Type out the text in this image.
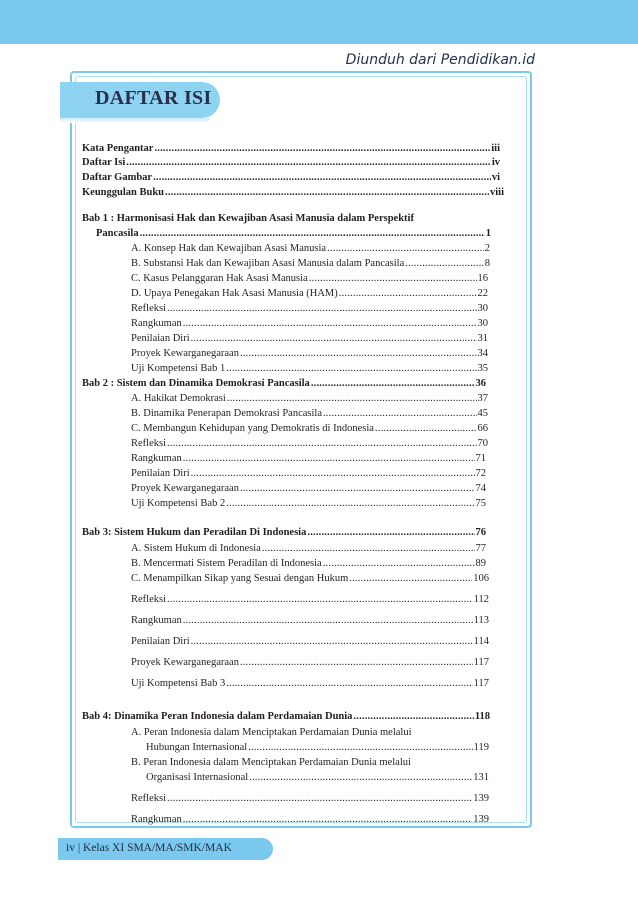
Diunduh dari Pendidikan.id
DAFTAR ISI
Kata Pengantar .....	iii
Daftar Isi .....	iv
Daftar Gambar .....	vi
Keunggulan Buku .....	viii
Bab 1 : Harmonisasi Hak dan Kewajiban Asasi Manusia dalam Perspektif
Pancasila .....	1
A. Konsep Hak dan Kewajiban Asasi Manusia .....	2
B. Substansi Hak dan Kewajiban Asasi Manusia dalam Pancasila .....	8
C. Kasus Pelanggaran Hak Asasi Manusia .....	16
D. Upaya Penegakan Hak Asasi Manusia (HAM) .....	22
Refleksi .....	30
Rangkuman .....	30
Penilaian Diri .....	31
Proyek Kewarganegaraan .....	34
Uji Kompetensi Bab 1 .....	35
Bab 2 : Sistem dan Dinamika Demokrasi Pancasila .....	36
A. Hakikat Demokrasi .....	37
B. Dinamika Penerapan Demokrasi Pancasila .....	45
C. Membangun Kehidupan yang Demokratis di Indonesia .....	66
Refleksi .....	70
Rangkuman .....	71
Penilaian Diri .....	72
Proyek Kewarganegaraan .....	74
Uji Kompetensi Bab 2 .....	75
Bab 3: Sistem Hukum dan Peradilan Di Indonesia .....	76
A. Sistem Hukum di Indonesia .....	77
B. Mencermati Sistem Peradilan di Indonesia .....	89
C. Menampilkan Sikap yang Sesuai dengan Hukum .....	106
Refleksi .....	112
Rangkuman .....	113
Penilaian Diri .....	114
Proyek Kewarganegaraan .....	117
Uji Kompetensi Bab 3 .....	117
Bab 4: Dinamika Peran Indonesia dalam Perdamaian Dunia .....	118
A. Peran Indonesia dalam Menciptakan Perdamaian Dunia melalui
Hubungan Internasional .....	119
B. Peran Indonesia dalam Menciptakan Perdamaian Dunia melalui
Organisasi Internasional .....	131
Refleksi .....	139
Rangkuman .....	139
iv | Kelas XI SMA/MA/SMK/MAK
